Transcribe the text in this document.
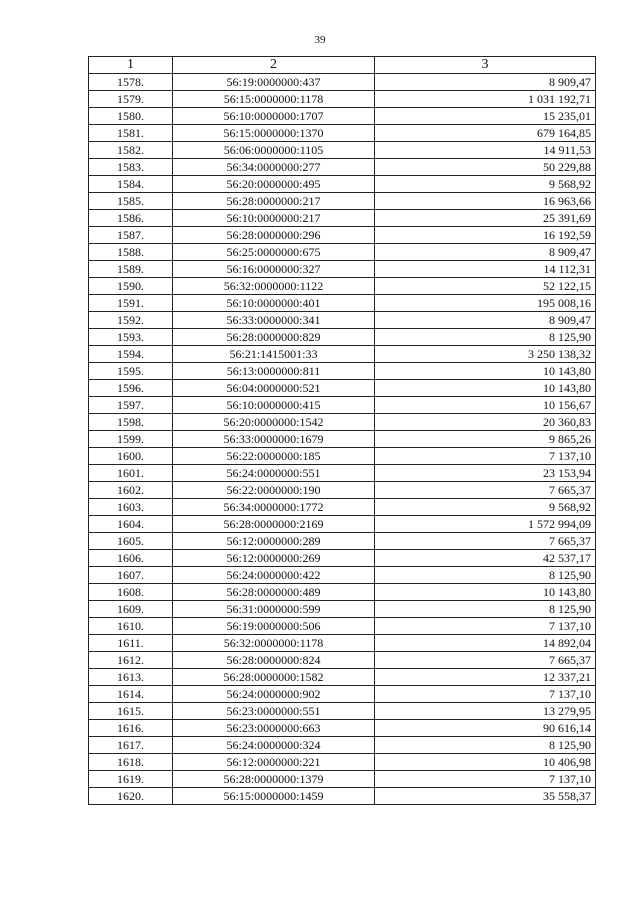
39
1	2	3
1578.	56:19:0000000:437	8 909,47
1579.	56:15:0000000:1178	1 031 192,71
1580.	56:10:0000000:1707	15 235,01
1581.	56:15:0000000:1370	679 164,85
1582.	56:06:0000000:1105	14 911,53
1583.	56:34:0000000:277	50 229,88
1584.	56:20:0000000:495	9 568,92
1585.	56:28:0000000:217	16 963,66
1586.	56:10:0000000:217	25 391,69
1587.	56:28:0000000:296	16 192,59
1588.	56:25:0000000:675	8 909,47
1589.	56:16:0000000:327	14 112,31
1590.	56:32:0000000:1122	52 122,15
1591.	56:10:0000000:401	195 008,16
1592.	56:33:0000000:341	8 909,47
1593.	56:28:0000000:829	8 125,90
1594.	56:21:1415001:33	3 250 138,32
1595.	56:13:0000000:811	10 143,80
1596.	56:04:0000000:521	10 143,80
1597.	56:10:0000000:415	10 156,67
1598.	56:20:0000000:1542	20 360,83
1599.	56:33:0000000:1679	9 865,26
1600.	56:22:0000000:185	7 137,10
1601.	56:24:0000000:551	23 153,94
1602.	56:22:0000000:190	7 665,37
1603.	56:34:0000000:1772	9 568,92
1604.	56:28:0000000:2169	1 572 994,09
1605.	56:12:0000000:289	7 665,37
1606.	56:12:0000000:269	42 537,17
1607.	56:24:0000000:422	8 125,90
1608.	56:28:0000000:489	10 143,80
1609.	56:31:0000000:599	8 125,90
1610.	56:19:0000000:506	7 137,10
1611.	56:32:0000000:1178	14 892,04
1612.	56:28:0000000:824	7 665,37
1613.	56:28:0000000:1582	12 337,21
1614.	56:24:0000000:902	7 137,10
1615.	56:23:0000000:551	13 279,95
1616.	56:23:0000000:663	90 616,14
1617.	56:24:0000000:324	8 125,90
1618.	56:12:0000000:221	10 406,98
1619.	56:28:0000000:1379	7 137,10
1620.	56:15:0000000:1459	35 558,37
